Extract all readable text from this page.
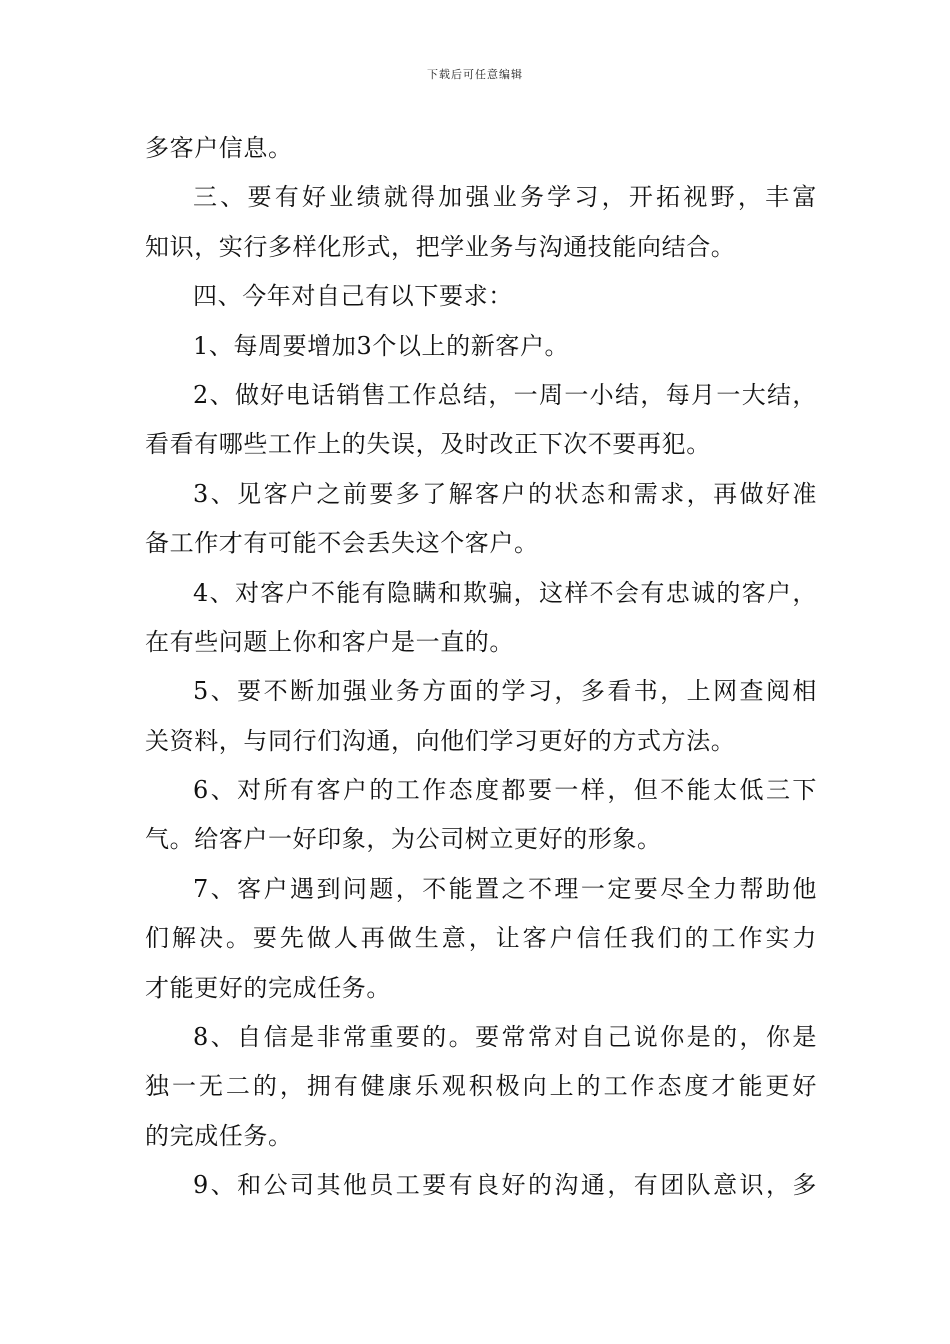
下载后可任意编辑
多客户信息。
三、要有好业绩就得加强业务学习，开拓视野，丰富
知识，实行多样化形式，把学业务与沟通技能向结合。
四、今年对自己有以下要求：
1、每周要增加3个以上的新客户。
2、做好电话销售工作总结，一周一小结，每月一大结，
看看有哪些工作上的失误，及时改正下次不要再犯。
3、见客户之前要多了解客户的状态和需求，再做好准
备工作才有可能不会丢失这个客户。
4、对客户不能有隐瞒和欺骗，这样不会有忠诚的客户，
在有些问题上你和客户是一直的。
5、要不断加强业务方面的学习，多看书，上网查阅相
关资料，与同行们沟通，向他们学习更好的方式方法。
6、对所有客户的工作态度都要一样，但不能太低三下
气。给客户一好印象，为公司树立更好的形象。
7、客户遇到问题，不能置之不理一定要尽全力帮助他
们解决。要先做人再做生意，让客户信任我们的工作实力
才能更好的完成任务。
8、自信是非常重要的。要常常对自己说你是的，你是
独一无二的，拥有健康乐观积极向上的工作态度才能更好
的完成任务。
9、和公司其他员工要有良好的沟通，有团队意识，多
